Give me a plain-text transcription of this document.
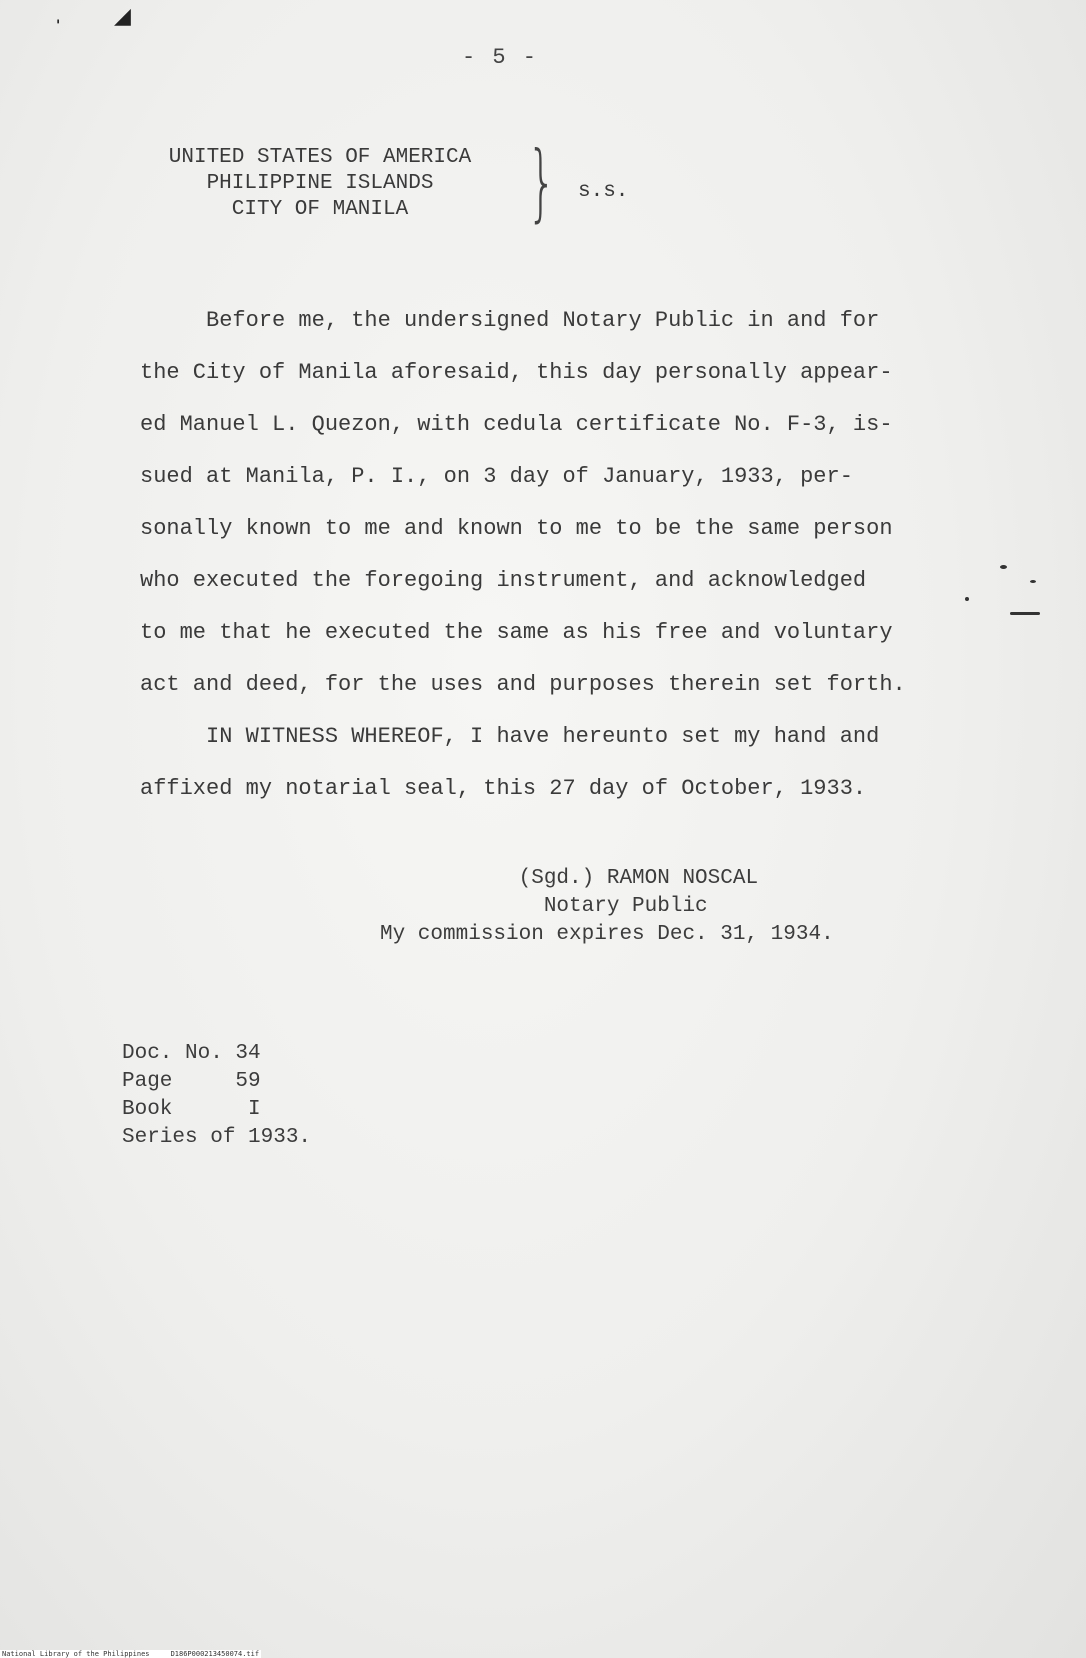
' ◢
- 5 -
UNITED STATES OF AMERICA
PHILIPPINE ISLANDS
CITY OF MANILA	} s.s.
Before me, the undersigned Notary Public in and for
the City of Manila aforesaid, this day personally appear-
ed Manuel L. Quezon, with cedula certificate No. F-3, is-
sued at Manila, P. I., on 3 day of January, 1933, per-
sonally known to me and known to me to be the same person
who executed the foregoing instrument, and acknowledged
to me that he executed the same as his free and voluntary
act and deed, for the uses and purposes therein set forth.
IN WITNESS WHEREOF, I have hereunto set my hand and
affixed my notarial seal, this 27 day of October, 1933.
(Sgd.) RAMON NOSCAL
Notary Public
My commission expires Dec. 31, 1934.
Doc. No. 34
Page     59
Book      I
Series of 1933.
National Library of the Philippines     D186P000213450074.tif
